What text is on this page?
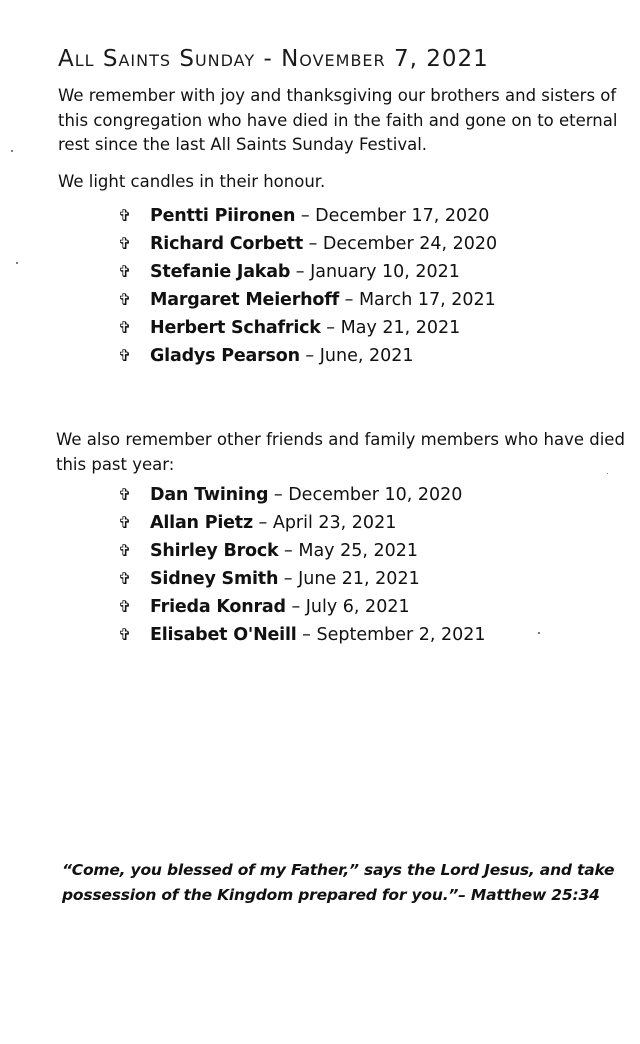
All Saints Sunday - November 7, 2021

We remember with joy and thanksgiving our brothers and sisters of this congregation who have died in the faith and gone on to eternal rest since the last All Saints Sunday Festival.

We light candles in their honour.

✞ Pentti Piironen – December 17, 2020
✞ Richard Corbett – December 24, 2020
✞ Stefanie Jakab – January 10, 2021
✞ Margaret Meierhoff – March 17, 2021
✞ Herbert Schafrick – May 21, 2021
✞ Gladys Pearson – June, 2021

We also remember other friends and family members who have died this past year:

✞ Dan Twining – December 10, 2020
✞ Allan Pietz – April 23, 2021
✞ Shirley Brock – May 25, 2021
✞ Sidney Smith – June 21, 2021
✞ Frieda Konrad – July 6, 2021
✞ Elisabet O'Neill – September 2, 2021

“Come, you blessed of my Father,” says the Lord Jesus, and take possession of the Kingdom prepared for you.”– Matthew 25:34
